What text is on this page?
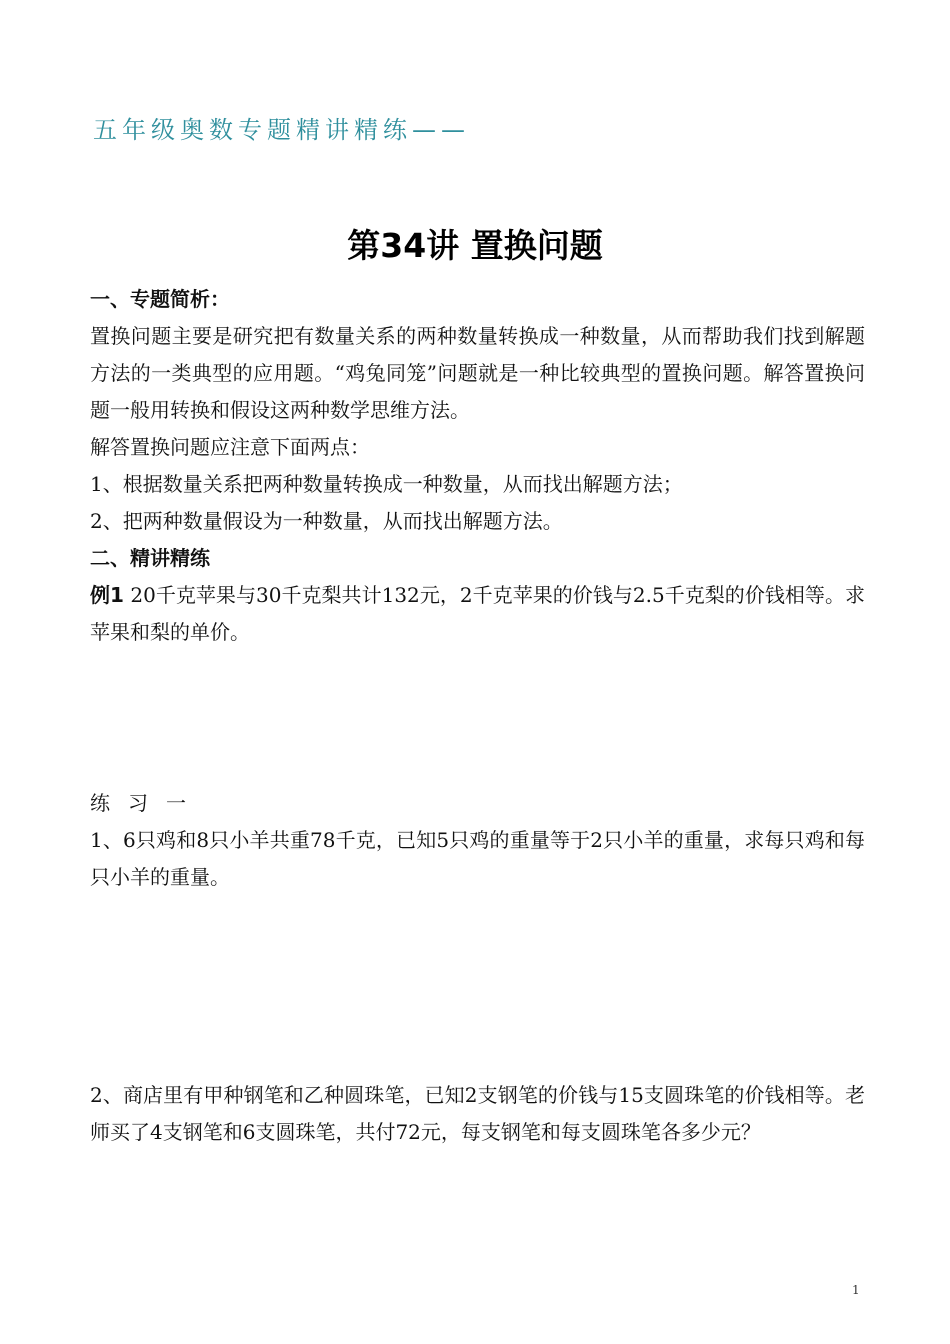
五年级奥数专题精讲精练——
第34讲 置换问题
一、专题简析：

置换问题主要是研究把有数量关系的两种数量转换成一种数量，从而帮助我们找到解题方法的一类典型的应用题。“鸡兔同笼”问题就是一种比较典型的置换问题。解答置换问题一般用转换和假设这两种数学思维方法。

解答置换问题应注意下面两点：

1、根据数量关系把两种数量转换成一种数量，从而找出解题方法；

2、把两种数量假设为一种数量，从而找出解题方法。

二、精讲精练

例1 20千克苹果与30千克梨共计132元，2千克苹果的价钱与2.5千克梨的价钱相等。求苹果和梨的单价。

练习一

1、6只鸡和8只小羊共重78千克，已知5只鸡的重量等于2只小羊的重量，求每只鸡和每只小羊的重量。

2、商店里有甲种钢笔和乙种圆珠笔，已知2支钢笔的价钱与15支圆珠笔的价钱相等。老师买了4支钢笔和6支圆珠笔，共付72元，每支钢笔和每支圆珠笔各多少元？

1
